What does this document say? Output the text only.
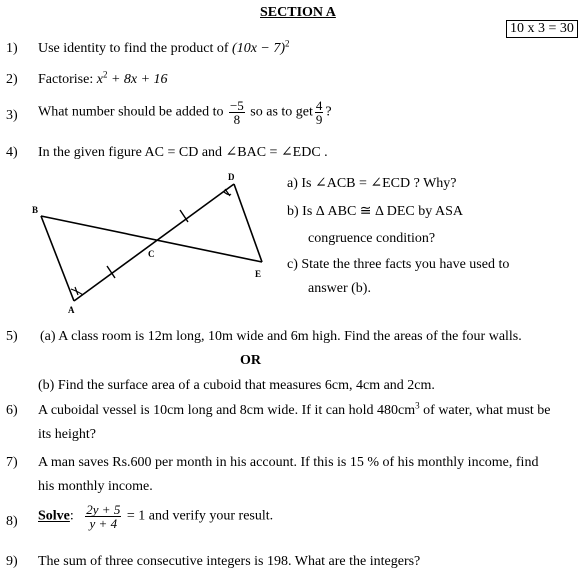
SECTION A
10 x 3 = 30
1) Use identity to find the product of $(10x - 7)^2$
2) Factorise: $x^2 + 8x + 16$
3) What number should be added to $\frac{-5}{8}$ so as to get $\frac{4}{9}$ ?
4) In the given figure AC = CD and ∠BAC = ∠EDC .
B
C
D
E
A
a) Is ∠ACB = ∠ECD ? Why?
b) Is Δ ABC ≅ Δ DEC by ASA
congruence condition?
c) State the three facts you have used to
answer (b).
5) (a) A class room is 12m long, 10m wide and 6m high. Find the areas of the four walls.
OR
(b) Find the surface area of a cuboid that measures 6cm, 4cm and 2cm.
6) A cuboidal vessel is 10cm long and 8cm wide. If it can hold $480cm^3$ of water, what must be
its height?
7) A man saves Rs.600 per month in his account. If this is 15 % of his monthly income, find
his monthly income.
8) Solve: $\frac{2y + 5}{y + 4} = 1$ and verify your result.
9) The sum of three consecutive integers is 198. What are the integers?
